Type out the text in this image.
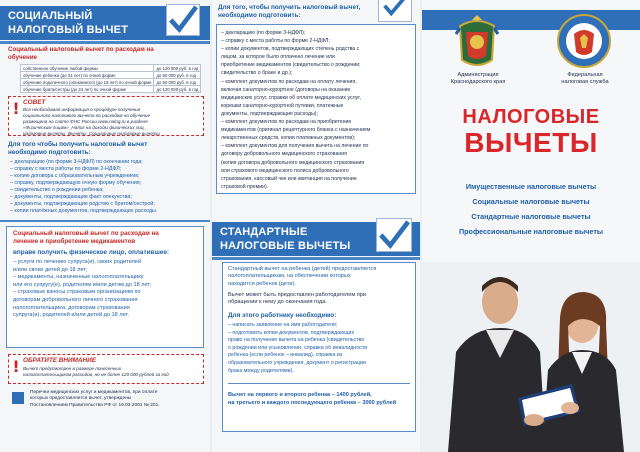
СОЦИАЛЬНЫЙ
НАЛОГОВЫЙ ВЫЧЕТ
Социальный налоговый вычет по расходам на
обучение
собственное обучение любой формы	до 120 000 руб. в год
обучение ребенка (до 24 лет) по очной форме	до 50 000 руб. в год
обучение подопечного (опекаемого) (до 18 лет) по очной форме	до 50 000 руб. в год
обучение брата/сестры (до 24 лет) по очной форме	до 120 000 руб. в год
! СОВЕТ
Вся необходимая информация о процедуре получения
социального налогового вычета по расходам на обучение
размещена на сайте ФНС России www.nalog.ru в разделе
«Физическим лицам»_Налог на доходы физических лиц_
налоговые вычеты_Вычеты_Социальные налоговые вычеты
Для того чтобы получить налоговый вычет
необходимо подготовить:
– декларацию (по форме 3-НДФЛ) по окончании года;
– справку с места работы по форме 2-НДФЛ;
– копию договора с образовательным учреждением;
– справку, подтверждающую очную форму обучения;
– свидетельство о рождении ребенка;
– документы, подтверждающие факт опекунства;
– документы, подтверждающие родство с братом/сестрой;
– копии платёжных документов, подтверждающих расходы.
Социальный налоговый вычет по расходам на
лечение и приобретение медикаментов
вправе получить физическое лицо, оплатившее:
– услуги по лечению супруга(и), своих родителей
и/или своих детей до 18 лет;
– медикаменты, назначенные налогоплательщику
или его супругу(е), родителям и/или детям до 18 лет;
– страховые взносы страховым организациям по
договорам добровольного личного страхования
налогоплательщика, договорам страхования
супруга(и), родителей и/или детей до 18 лет.
! ОБРАТИТЕ ВНИМАНИЕ
Вычет предусмотрен в размере понесенных
налогоплательщиком расходов, но не более 120 000 рублей за год
Перечни медицинских услуг и медикаментов, при оплате
которых предоставляется вычет, утверждены
Постановлением Правительства РФ от 19.03.2001 № 201.
Для того, чтобы получить налоговый вычет,
необходимо подготовить:
– декларацию (по форме 3-НДФЛ);
– справку с места работы по форме 2-НДФЛ;
– копии документов, подтверждающих степень родства с
лицом, за которое было оплачено лечение или
приобретение медикаментов (свидетельство о рождении;
свидетельство о браке и др.);
– комплект документов по расходам на оплату лечения,
включая санаторно-курортное (договоры на оказание
медицинских услуг, справки об оплате медицинских услуг,
корешки санаторно-курортной путевки, платежные
документы, подтверждающие расходы);
– комплект документов по расходам на приобретение
медикаментов (оригинал рецептурного бланка с назначением
лекарственных средств, копии платежных документов);
– комплект документов для получения вычета на лечение по
договору добровольного медицинского страхования
(копия договора добровольного медицинского страхования
или страхового медицинского полиса добровольного
страхования, кассовый чек или квитанция на получение
страховой премии).
СТАНДАРТНЫЕ
НАЛОГОВЫЕ ВЫЧЕТЫ
Стандартный вычет на ребенка (детей) предоставляется
налогоплательщикам, на обеспечении которых
находится ребенок (дети).
Вычет может быть предоставлен работодателем при
обращении к нему до окончания года.
Для этого работнику необходимо:
– написать заявление на имя работодателя;
– подготовить копии документов, подтверждающих
право на получение вычета на ребенка (свидетельство
о рождении или усыновлении, справка об инвалидности
ребенка (если ребенок – инвалид), справка из
образовательного учреждения, документ о регистрации
брака между родителями).
Вычет на первого и второго ребенка – 1400 рублей,
на третьего и каждого последующего ребенка – 3000 рублей
Администрация
Краснодарского края
Федеральная
налоговая служба
НАЛОГОВЫЕ
ВЫЧЕТЫ
Имущественные налоговые вычеты
Социальные налоговые вычеты
Стандартные налоговые вычеты
Профессиональные налоговые вычеты
